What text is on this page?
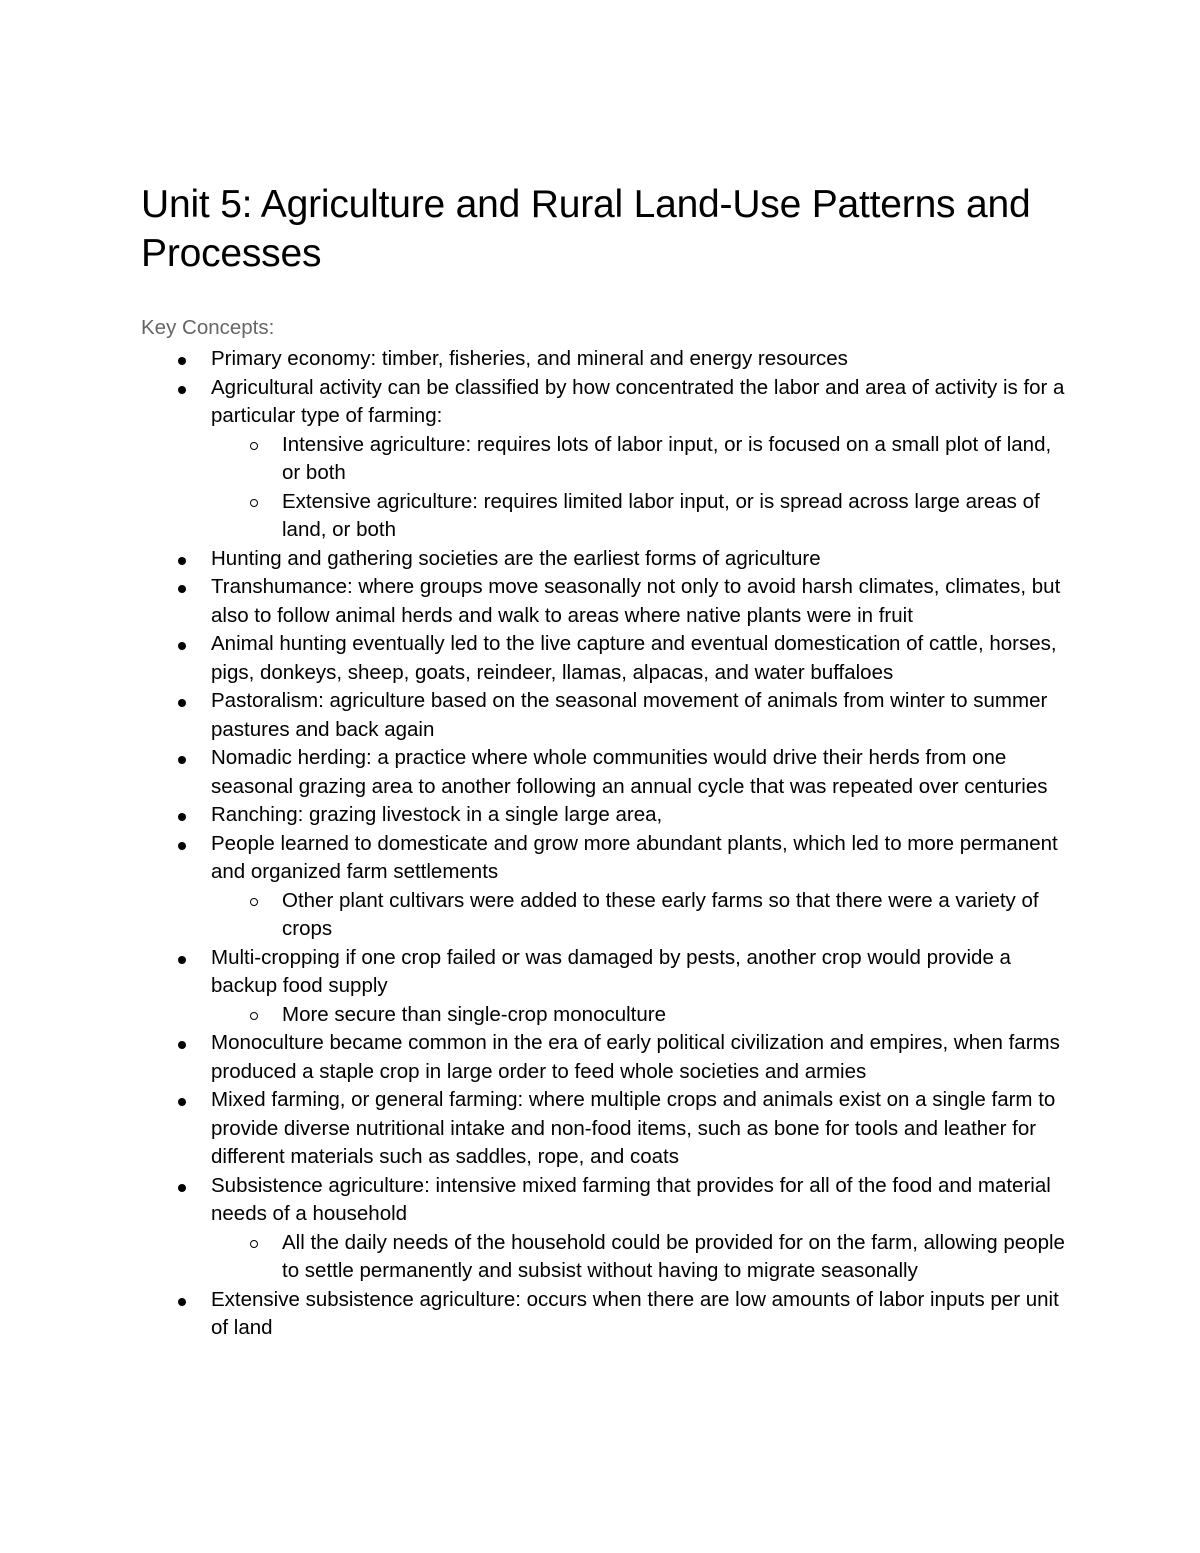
Unit 5: Agriculture and Rural Land-Use Patterns and Processes
Key Concepts:
Primary economy: timber, fisheries, and mineral and energy resources
Agricultural activity can be classified by how concentrated the labor and area of activity is for a particular type of farming:
Intensive agriculture: requires lots of labor input, or is focused on a small plot of land, or both
Extensive agriculture: requires limited labor input, or is spread across large areas of land, or both
Hunting and gathering societies are the earliest forms of agriculture
Transhumance: where groups move seasonally not only to avoid harsh climates, climates, but also to follow animal herds and walk to areas where native plants were in fruit
Animal hunting eventually led to the live capture and eventual domestication of cattle, horses, pigs, donkeys, sheep, goats, reindeer, llamas, alpacas, and water buffaloes
Pastoralism: agriculture based on the seasonal movement of animals from winter to summer pastures and back again
Nomadic herding: a practice where whole communities would drive their herds from one seasonal grazing area to another following an annual cycle that was repeated over centuries
Ranching: grazing livestock in a single large area,
People learned to domesticate and grow more abundant plants, which led to more permanent and organized farm settlements
Other plant cultivars were added to these early farms so that there were a variety of crops
Multi-cropping if one crop failed or was damaged by pests, another crop would provide a backup food supply
More secure than single-crop monoculture
Monoculture became common in the era of early political civilization and empires, when farms produced a staple crop in large order to feed whole societies and armies
Mixed farming, or general farming: where multiple crops and animals exist on a single farm to provide diverse nutritional intake and non-food items, such as bone for tools and leather for different materials such as saddles, rope, and coats
Subsistence agriculture: intensive mixed farming that provides for all of the food and material needs of a household
All the daily needs of the household could be provided for on the farm, allowing people to settle permanently and subsist without having to migrate seasonally
Extensive subsistence agriculture: occurs when there are low amounts of labor inputs per unit of land
